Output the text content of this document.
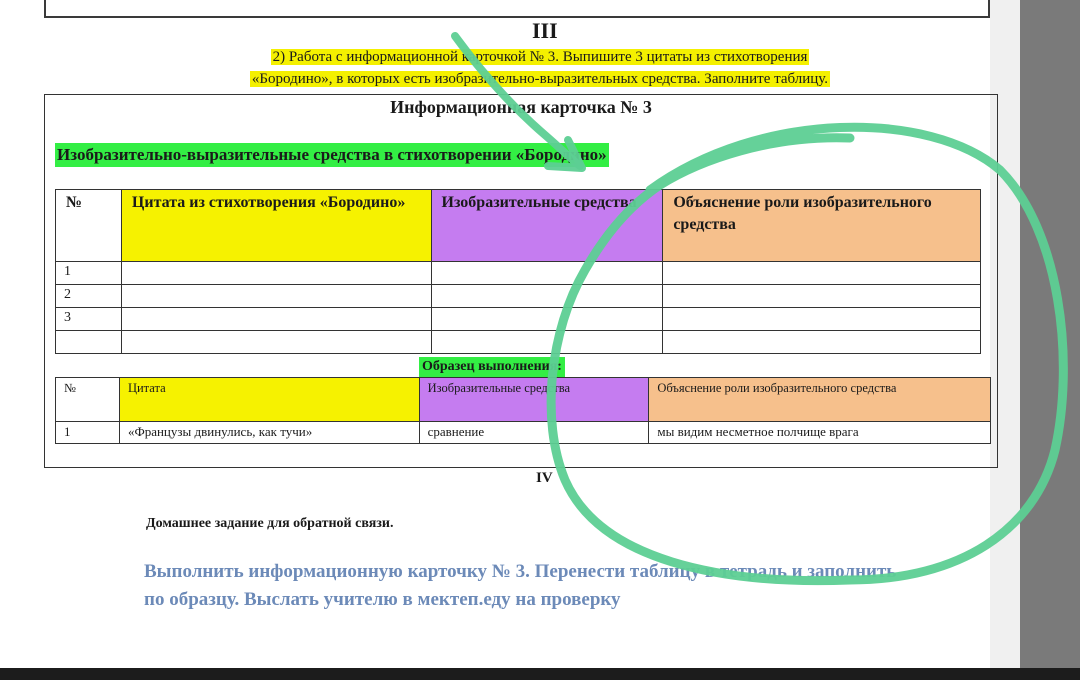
III
2) Работа с информационной карточкой № 3. Выпишите 3 цитаты из стихотворения
«Бородино», в которых есть изобразительно-выразительных средства. Заполните таблицу.
Информационная карточка № 3
Изобразительно-выразительные средства в стихотворении «Бородино»
№	Цитата из стихотворения «Бородино»	Изобразительные средства	Объяснение роли изобразительного средства
1			
2			
3			

Образец выполнения:
№	Цитата	Изобразительные средства	Объяснение роли изобразительного средства
1	«Французы двинулись, как тучи»	сравнение	мы видим несметное полчище врага
IV
Домашнее задание для обратной связи.
Выполнить информационную карточку № 3. Перенести таблицу в тетрадь и заполнить по образцу. Выслать учителю в мектеп.еду на проверку
